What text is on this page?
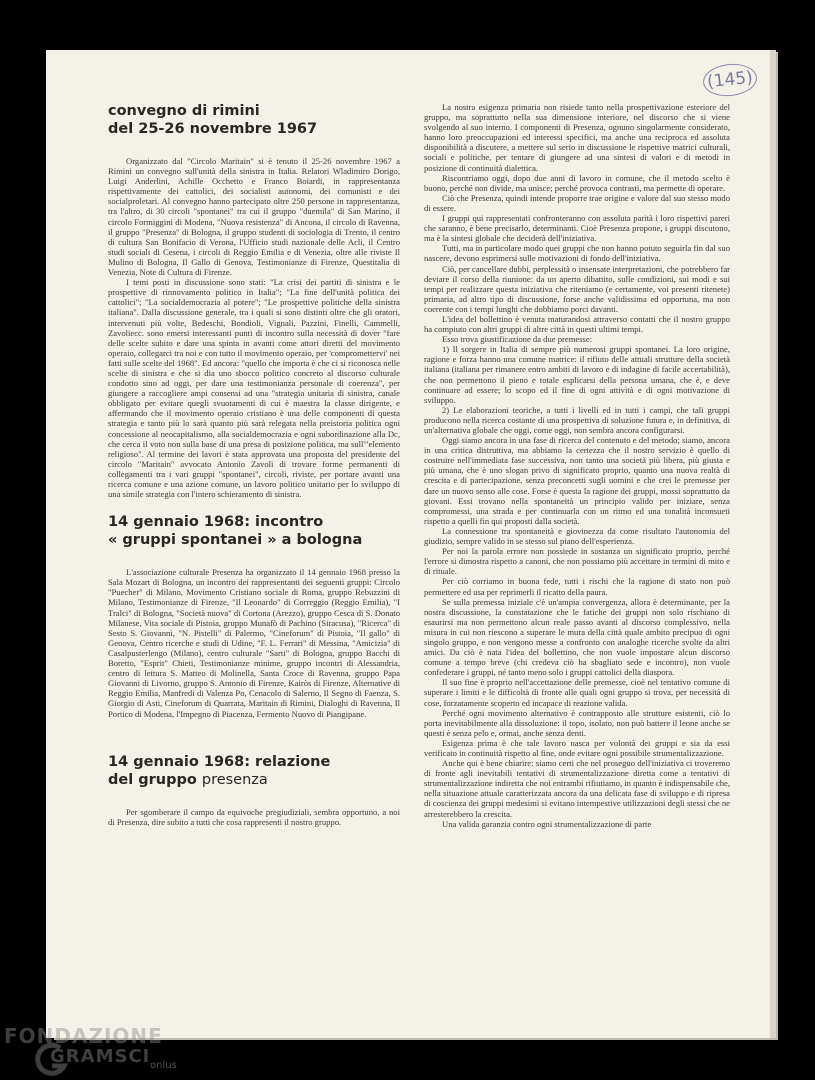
(145)
convegno di rimini
del 25-26 novembre 1967

Organizzato dal "Circolo Maritain" si è tenuto il 25-26 novembre 1967 a Rimini un convegno sull'unità della sinistra in Italia. Relatori Wladimiro Dorigo, Luigi Anderlini, Achille Occhetto e Franco Boiardi, in rappresentanza rispettivamente dei cattolici, dei socialisti autonomi, dei comunisti e dei socialproletari. Al convegno hanno partecipato oltre 250 persone in rappresentanza, tra l'altro, di 30 circoli "spontanei" tra cui il gruppo "duemila" di San Marino, il circolo Formiggini di Modena, "Nuova resistenza" di Ancona, il circolo di Ravenna, il gruppo "Presenza" di Bologna, il gruppo studenti di sociologia di Trento, il centro di cultura San Bonifacio di Verona, l'Ufficio studi nazionale delle Acli, il Centro studi sociali di Cesena, i circoli di Reggio Emilia e di Venezia, oltre alle riviste Il Mulino di Bologna, Il Gallo di Genova, Testimonianze di Firenze, Questitalia di Venezia, Note di Cultura di Firenze.

I temi posti in discussione sono stati: "La crisi dei partiti di sinistra e le prospettive di rinnovamento politico in Italia"; "La fine dell'unità politica dei cattolici"; "La socialdemocrazia al potere"; "Le prospettive politiche della sinistra italiana". Dalla discussione generale, tra i quali si sono distinti oltre che gli oratori, intervenuti più volte, Bedeschi, Bondioli, Vignali, Pazzini, Finelli, Cammelli, Zavoliecc. sono emersi interessanti punti di incontro sulla necessità di dover "fare delle scelte subito e dare una spinta in avanti come attori diretti del movimento operaio, collegarci tra noi e con tutto il movimento operaio, per 'compromettervi' nei fatti sulle scelte del 1968". Ed ancora: "quello che importa è che ci si riconosca nelle scelte di sinistra e che si dia uno sbocco politico concreto al discorso culturale condotto sino ad oggi, per dare una testimonianza personale di coerenza", per giungere a raccogliere ampi consensi ad una "strategia unitaria di sinistra, canale obbligato per evitare quegli svuotamenti di cui è maestra la classe dirigente, e affermando che il movimento operaio cristiano è una delle componenti di questa strategia e tanto più lo sarà quanto più sarà relegata nella preistoria politica ogni concessione al neocapitalismo, alla socialdemocrazia e ogni subordinazione alla Dc, che cerca il voto non sulla base di una presa di posizione politica, ma sull'"elemento religioso". Al termine dei lavori è stata approvata una proposta del presidente del circolo "Maritain" avvocato Antonio Zavoli di trovare forme permanenti di collegamenti tra i vari gruppi "spontanei", circoli, riviste, per portare avanti una ricerca comune e una azione comune, un lavoro politico unitario per lo sviluppo di una simile strategia con l'intero schieramento di sinistra.

14 gennaio 1968: incontro
« gruppi spontanei » a bologna

L'associazione culturale Presenza ha organizzato il 14 gennaio 1968 presso la Sala Mozart di Bologna, un incontro dei rappresentanti dei seguenti gruppi: Circolo "Puecher" di Milano, Movimento Cristiano sociale di Roma, gruppo Rebuzzini di Milano, Testimonianze di Firenze, "Il Leonardo" di Correggio (Reggio Emilia), "I Tralci" di Bologna, "Società nuova" di Cortona (Arezzo), gruppo Cesca di S. Donato Milanese, Vita sociale di Pistoia, gruppo Munafò di Pachino (Siracusa), "Ricerca" di Sesto S. Giovanni, "N. Pistelli" di Palermo, "Cineforum" di Pistoia, "Il gallo" di Genova, Centro ricerche e studi di Udine, "F. L. Ferrari" di Messina, "Amicizia" di Casalpusterlengo (Milano), centro culturale "Sarti" di Bologna, gruppo Bacchi di Boretto, "Esprit" Chieti, Testimonianze minime, gruppo incontri di Alessandria, centro di lettura S. Matteo di Molinella, Santa Croce di Ravenna, gruppo Papa Giovanni di Livorno, gruppo S. Antonio di Firenze, Kairòs di Firenze, Alternative di Reggio Emilia, Manfredi di Valenza Po, Cenacolo di Salerno, Il Segno di Faenza, S. Giorgio di Asti, Cineforum di Quarrata, Maritain di Rimini, Dialoghi di Ravenna, Il Portico di Modena, l'Impegno di Piacenza, Fermento Nuovo di Piangipane.

14 gennaio 1968: relazione
del gruppo presenza

Per sgomberare il campo da equivoche pregiudiziali, sembra opportuno, a noi di Presenza, dire subito a tutti che cosa rappresenti il nostro gruppo.

La nostra esigenza primaria non risiede tanto nella prospettivazione esteriore del gruppo, ma soprattutto nella sua dimensione interiore, nel discorso che si viene svolgendo al suo interno. I componenti di Presenza, ognuno singolarmente considerato, hanno loro preoccupazioni ed interessi specifici, ma anche una reciproca ed assoluta disponibilità a discutere, a mettere sul serio in discussione le rispettive matrici culturali, sociali e politiche, per tentare di giungere ad una sintesi di valori e di metodi in posizione di continuità dialettica.

Riscontriamo oggi, dopo due anni di lavoro in comune, che il metodo scelto è buono, perché non divide, ma unisce; perché provoca contrasti, ma permette di operare.

Ciò che Presenza, quindi intende proporre trae origine e valore dal suo stesso modo di essere.

I gruppi qui rappresentati confronteranno con assoluta parità i loro rispettivi pareri che saranno, è bene precisarlo, determinanti. Cioè Presenza propone, i gruppi discutono, ma è la sintesi globale che deciderà dell'iniziativa.

Tutti, ma in particolare modo quei gruppi che non hanno potuto seguirla fin dal suo nascere, devono esprimersi sulle motivazioni di fondo dell'iniziativa.

Ciò, per cancellare dubbi, perplessità o insensate interpretazioni, che potrebbero far deviare il corso della riunione: da un aperto dibattito, sulle condizioni, sui modi e sui tempi per realizzare questa iniziativa che riteniamo (e certamente, voi presenti ritenete) primaria, ad altro tipo di discussione, forse anche validissima ed opportuna, ma non coerente con i tempi lunghi che dobbiamo porci davanti.

L'idea del bollettino è venuta maturandosi attraverso contatti che il nostro gruppo ha compiuto con altri gruppi di altre città in questi ultimi tempi.

Esso trova giustificazione da due premesse:

1) Il sorgere in Italia di sempre più numerosi gruppi spontanei. La loro origine, ragione e forza hanno una comune matrice: il rifiuto delle attuali strutture della società italiana (italiana per rimanere entro ambiti di lavoro e di indagine di facile accertabilità), che non permettono il pieno e totale esplicarsi della persona umana, che è, e deve continuare ad essere; lo scopo ed il fine di ogni attività e di ogni motivazione di sviluppo.

2) Le elaborazioni teoriche, a tutti i livelli ed in tutti i campi, che tali gruppi producono nella ricerca costante di una prospettiva di soluzione futura e, in definitiva, di un'alternativa globale che oggi, come oggi, non sembra ancora configurarsi.

Oggi siamo ancora in una fase di ricerca del contenuto e del metodo; siamo, ancora in una critica distruttiva, ma abbiamo la certezza che il nostro servizio è quello di costruire nell'immediata fase successiva, non tanto una società più libera, più giusta e più umana, che è uno slogan privo di significato proprio, quanto una nuova realtà di crescita e di partecipazione, senza preconcetti sugli uomini e che crei le premesse per dare un nuovo senso alle cose. Forse è questa la ragione dei gruppi, mossi soprattutto da giovani. Essi trovano nella spontaneità un principio valido per iniziare, senza compromessi, una strada e per continuarla con un ritmo ed una tonalità inconsueti rispetto a quelli fin qui proposti dalla società.

La connessione tra spontaneità e giovinezza da come risultato l'autonomia del giudizio, sempre valido in se stesso sul piano dell'esperienza.

Per noi la parola errore non possiede in sostanza un significato proprio, perché l'errore si dimostra rispetto a canoni, che non possiamo più accettare in termini di mito e di rituale.

Per ciò corriamo in buona fede, tutti i rischi che la ragione di stato non può permettere ed usa per reprimerli il ricatto della paura.

Se sulla premessa iniziale c'è un'ampia convergenza, allora è determinante, per la nostra discussione, la constatazione che le fatiche dei gruppi non solo rischiano di esaurirsi ma non permettono alcun reale passo avanti al discorso complessivo, nella misura in cui non riescono a superare le mura della città quale ambito precipuo di ogni singolo gruppo, e non vengono messe a confronto con analoghe ricerche svolte da altri amici. Da ciò è nata l'idea del bollettino, che non vuole impostare alcun discorso comune a tempo breve (chi credeva ciò ha sbagliato sede e incontro), non vuole confederare i gruppi, né tanto meno solo i gruppi cattolici della diaspora.

Il suo fine è proprio nell'accettazione delle premesse, cioè nel tentativo comune di superare i limiti e le difficoltà di fronte alle quali ogni gruppo si trova, per necessità di cose, forzatamente scoperto ed incapace di reazione valida.

Perché ogni movimento alternativo è contrapposto alle strutture esistenti, ciò lo porta inevitabilmente alla dissoluzione: il topo, isolato, non può battere il leone anche se questi è senza pelo e, ormai, anche senza denti.

Esigenza prima è che tale lavoro nasca per volontà dei gruppi e sia da essi verificato in continuità rispetto al fine, onde evitare ogni possibile strumentalizzazione.

Anche qui è bene chiarire: siamo certi che nel proseguo dell'iniziativa ci troveremo di fronte agli inevitabili tentativi di strumentalizzazione diretta come a tentativi di strumentalizzazione indiretta che noi entrambi rifiutiamo, in quanto è indispensabile che, nella situazione attuale caratterizzata ancora da una delicata fase di sviluppo e di ripresa di coscienza dei gruppi medesimi si evitano intempestive utilizzazioni degli stessi che ne arresterebbero la crescita.

Una valida garanzia contro ogni strumentalizzazione di parte

FONDAZIONE
GRAMSCI onlus
